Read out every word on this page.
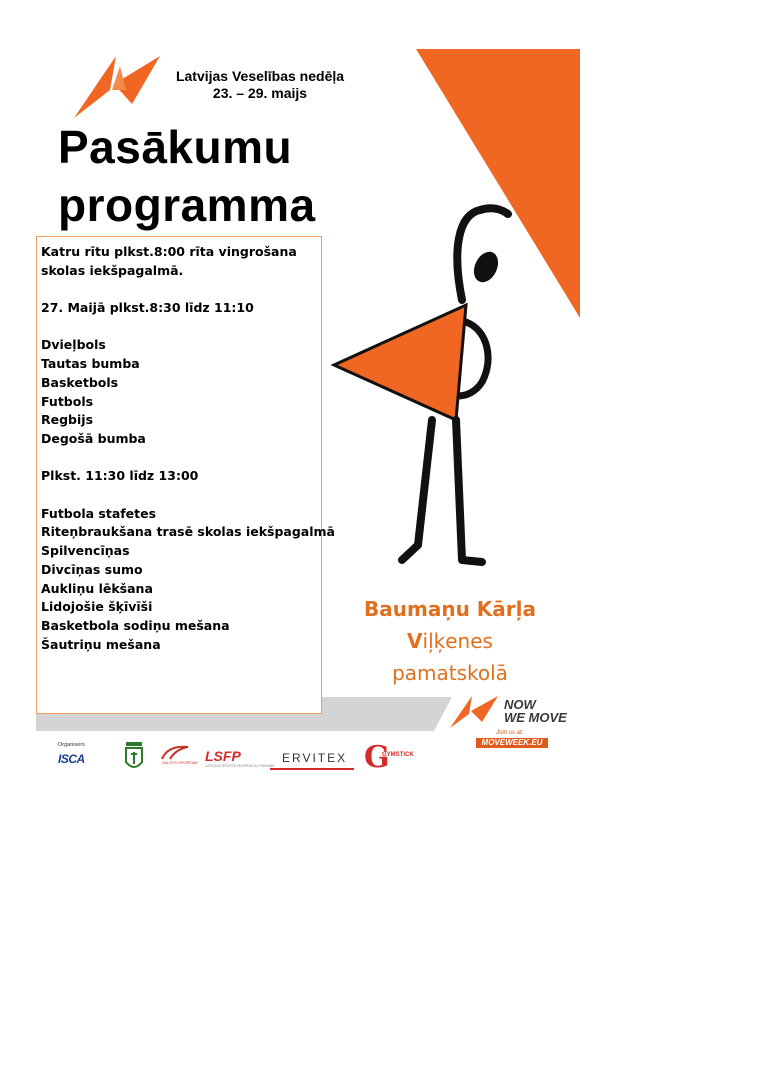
Latvijas Veselības nedēļa
23. – 29. maijs
Pasākumu
programma
Katru rītu plkst.8:00 rīta vingrošana skolas iekšpagalmā.
27. Maijā plkst.8:30 līdz 11:10
Dvieļbols
Tautas bumba
Basketbols
Futbols
Regbijs
Degošā bumba
Plkst. 11:30 līdz 13:00
Futbola stafetes
Riteņbraukšana trasē skolas iekšpagalmā
Spilvencīņas
Divcīņas sumo
Aukliņu lēkšana
Lidojošie šķīvīši
Basketbola sodiņu mešana
Šautriņu mešana
Baumaņu Kārļa
Viļķenes
pamatskolā
NOW
WE MOVE
Join us at:
MOVEWEEK.EU
Organisers
ISCA	VALSTS SPORTAM LSFP
LATVIJAS SPORTA FEDERĀCIJU PADOME
ERVITEX G
GYMSTICK
